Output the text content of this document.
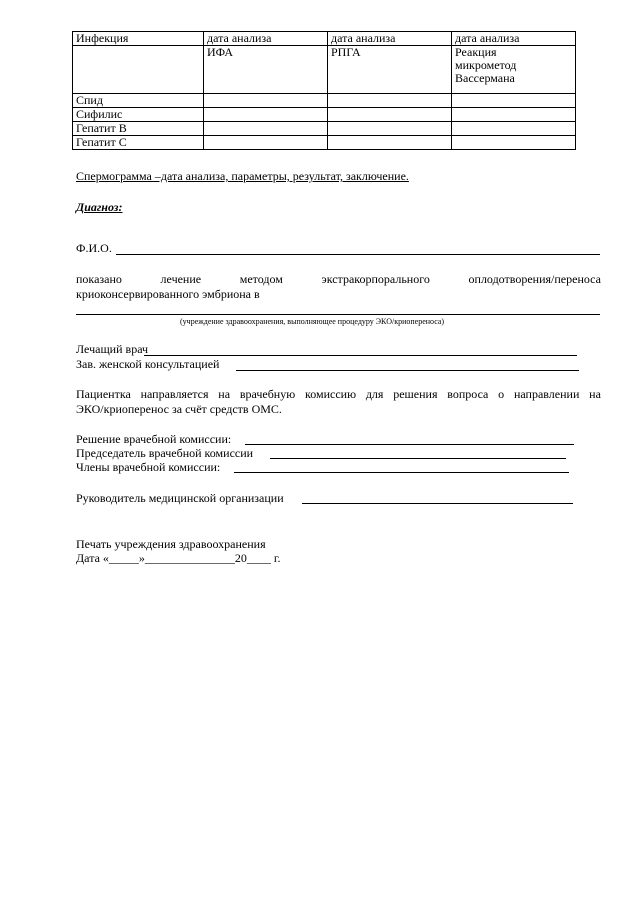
Инфекция	дата анализа	дата анализа	дата анализа
	ИФА	РПГА	Реакция
микрометод
Вассермана

Спид			
Сифилис			
Гепатит В			
Гепатит С			
Спермограмма –дата анализа, параметры, результат, заключение.
Диагноз:
Ф.И.О.
показано	лечение	методом	экстракорпорального	оплодотворения/переноса
криоконсервированного эмбриона в
(учреждение здравоохранения, выполняющее процедуру ЭКО/криопереноса)
Лечащий врач
Зав. женской консультацией
Пациентка направляется на врачебную комиссию для решения вопроса о направлении на
ЭКО/криоперенос за счёт средств ОМС.
Решение врачебной комиссии:
Председатель врачебной комиссии
Члены врачебной комиссии:
Руководитель медицинской организации
Печать учреждения здравоохранения
Дата «_____»_______________20____ г.
